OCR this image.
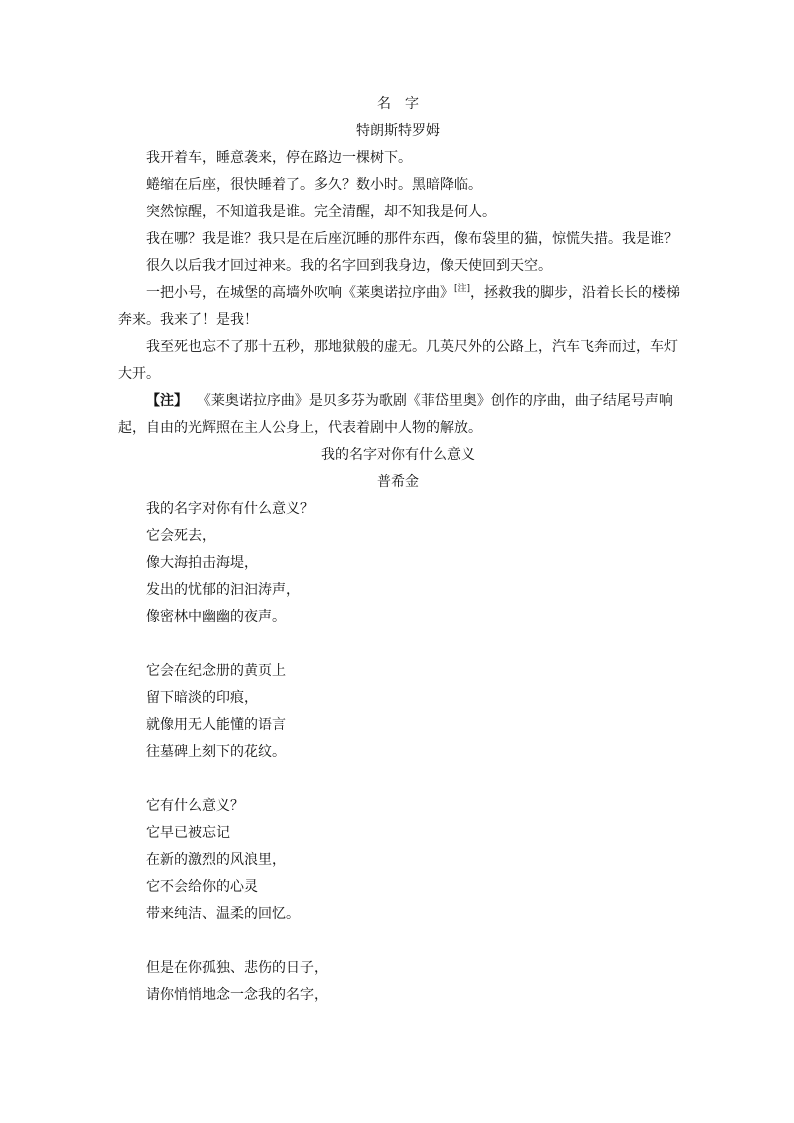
名　字

特朗斯特罗姆

我开着车，睡意袭来，停在路边一棵树下。

蜷缩在后座，很快睡着了。多久？数小时。黑暗降临。

突然惊醒，不知道我是谁。完全清醒，却不知我是何人。

我在哪？我是谁？我只是在后座沉睡的那件东西，像布袋里的猫，惊慌失措。我是谁？

很久以后我才回过神来。我的名字回到我身边，像天使回到天空。

一把小号，在城堡的高墙外吹响《莱奥诺拉序曲》[注]，拯救我的脚步，沿着长长的楼梯

奔来。我来了！是我！

我至死也忘不了那十五秒，那地狱般的虚无。几英尺外的公路上，汽车飞奔而过，车灯

大开。

【注】 《莱奥诺拉序曲》是贝多芬为歌剧《菲岱里奥》创作的序曲，曲子结尾号声响

起，自由的光辉照在主人公身上，代表着剧中人物的解放。

我的名字对你有什么意义

普希金

我的名字对你有什么意义？

它会死去，

像大海拍击海堤，

发出的忧郁的汩汩涛声，

像密林中幽幽的夜声。

它会在纪念册的黄页上

留下暗淡的印痕，

就像用无人能懂的语言

往墓碑上刻下的花纹。

它有什么意义？

它早已被忘记

在新的激烈的风浪里，

它不会给你的心灵

带来纯洁、温柔的回忆。

但是在你孤独、悲伤的日子，

请你悄悄地念一念我的名字，
